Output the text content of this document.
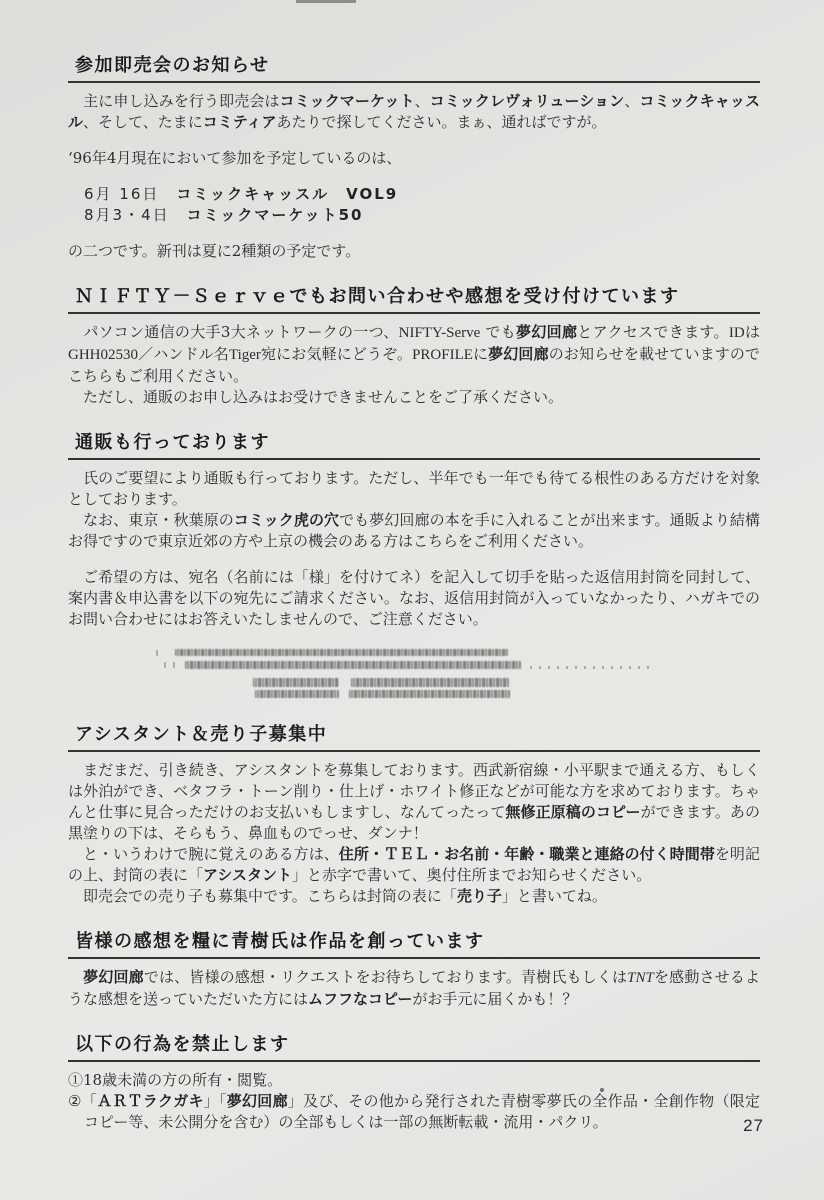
参加即売会のお知らせ

　主に申し込みを行う即売会はコミックマーケット、コミックレヴォリューション、コミックキャッスル、そして、たまにコミティアあたりで探してください。まぁ、通ればですが。

‘96年4月現在において参加を予定しているのは、

6月 16日　コミックキャッスル　VOL9

8月3・4日　コミックマーケット50

の二つです。新刊は夏に2種類の予定です。

ＮＩＦＴＹ－Ｓｅｒｖｅでもお問い合わせや感想を受け付けています

　パソコン通信の大手3大ネットワークの一つ、NIFTY-Serve でも夢幻回廊とアクセスできます。IDはGHH02530／ハンドル名Tiger宛にお気軽にどうぞ。PROFILEに夢幻回廊のお知らせを載せていますのでこちらもご利用ください。

　ただし、通販のお申し込みはお受けできませんことをご了承ください。

通販も行っております

　氏のご要望により通販も行っております。ただし、半年でも一年でも待てる根性のある方だけを対象としております。

　なお、東京・秋葉原のコミック虎の穴でも夢幻回廊の本を手に入れることが出来ます。通販より結構お得ですので東京近郊の方や上京の機会のある方はこちらをご利用ください。

　ご希望の方は、宛名（名前には「様」を付けてネ）を記入して切手を貼った返信用封筒を同封して、案内書＆申込書を以下の宛先にご請求ください。なお、返信用封筒が入っていなかったり、ハガキでのお問い合わせにはお答えいたしませんので、ご注意ください。

アシスタント＆売り子募集中

　まだまだ、引き続き、アシスタントを募集しております。西武新宿線・小平駅まで通える方、もしくは外泊ができ、ベタフラ・トーン削り・仕上げ・ホワイト修正などが可能な方を求めております。ちゃんと仕事に見合っただけのお支払いもしますし、なんてったって無修正原稿のコピーができます。あの黒塗りの下は、そらもう、鼻血ものでっせ、ダンナ！

　と・いうわけで腕に覚えのある方は、住所・ＴＥＬ・お名前・年齢・職業と連絡の付く時間帯を明記の上、封筒の表に「アシスタント」と赤字で書いて、奥付住所までお知らせください。

　即売会での売り子も募集中です。こちらは封筒の表に「売り子」と書いてね。

皆様の感想を糧に青樹氏は作品を創っています

　夢幻回廊では、皆様の感想・リクエストをお待ちしております。青樹氏もしくはTNTを感動させるような感想を送っていただいた方にはムフフなコピーがお手元に届くかも！？

以下の行為を禁止します

①18歳未満の方の所有・閲覧。

②「ＡＲＴラクガキ」「夢幻回廊」及び、その他から発行された青樹零夢氏の全作品・全創作物（限定コピー等、未公開分を含む）の全部もしくは一部の無断転載・流用・パクリ。	27
